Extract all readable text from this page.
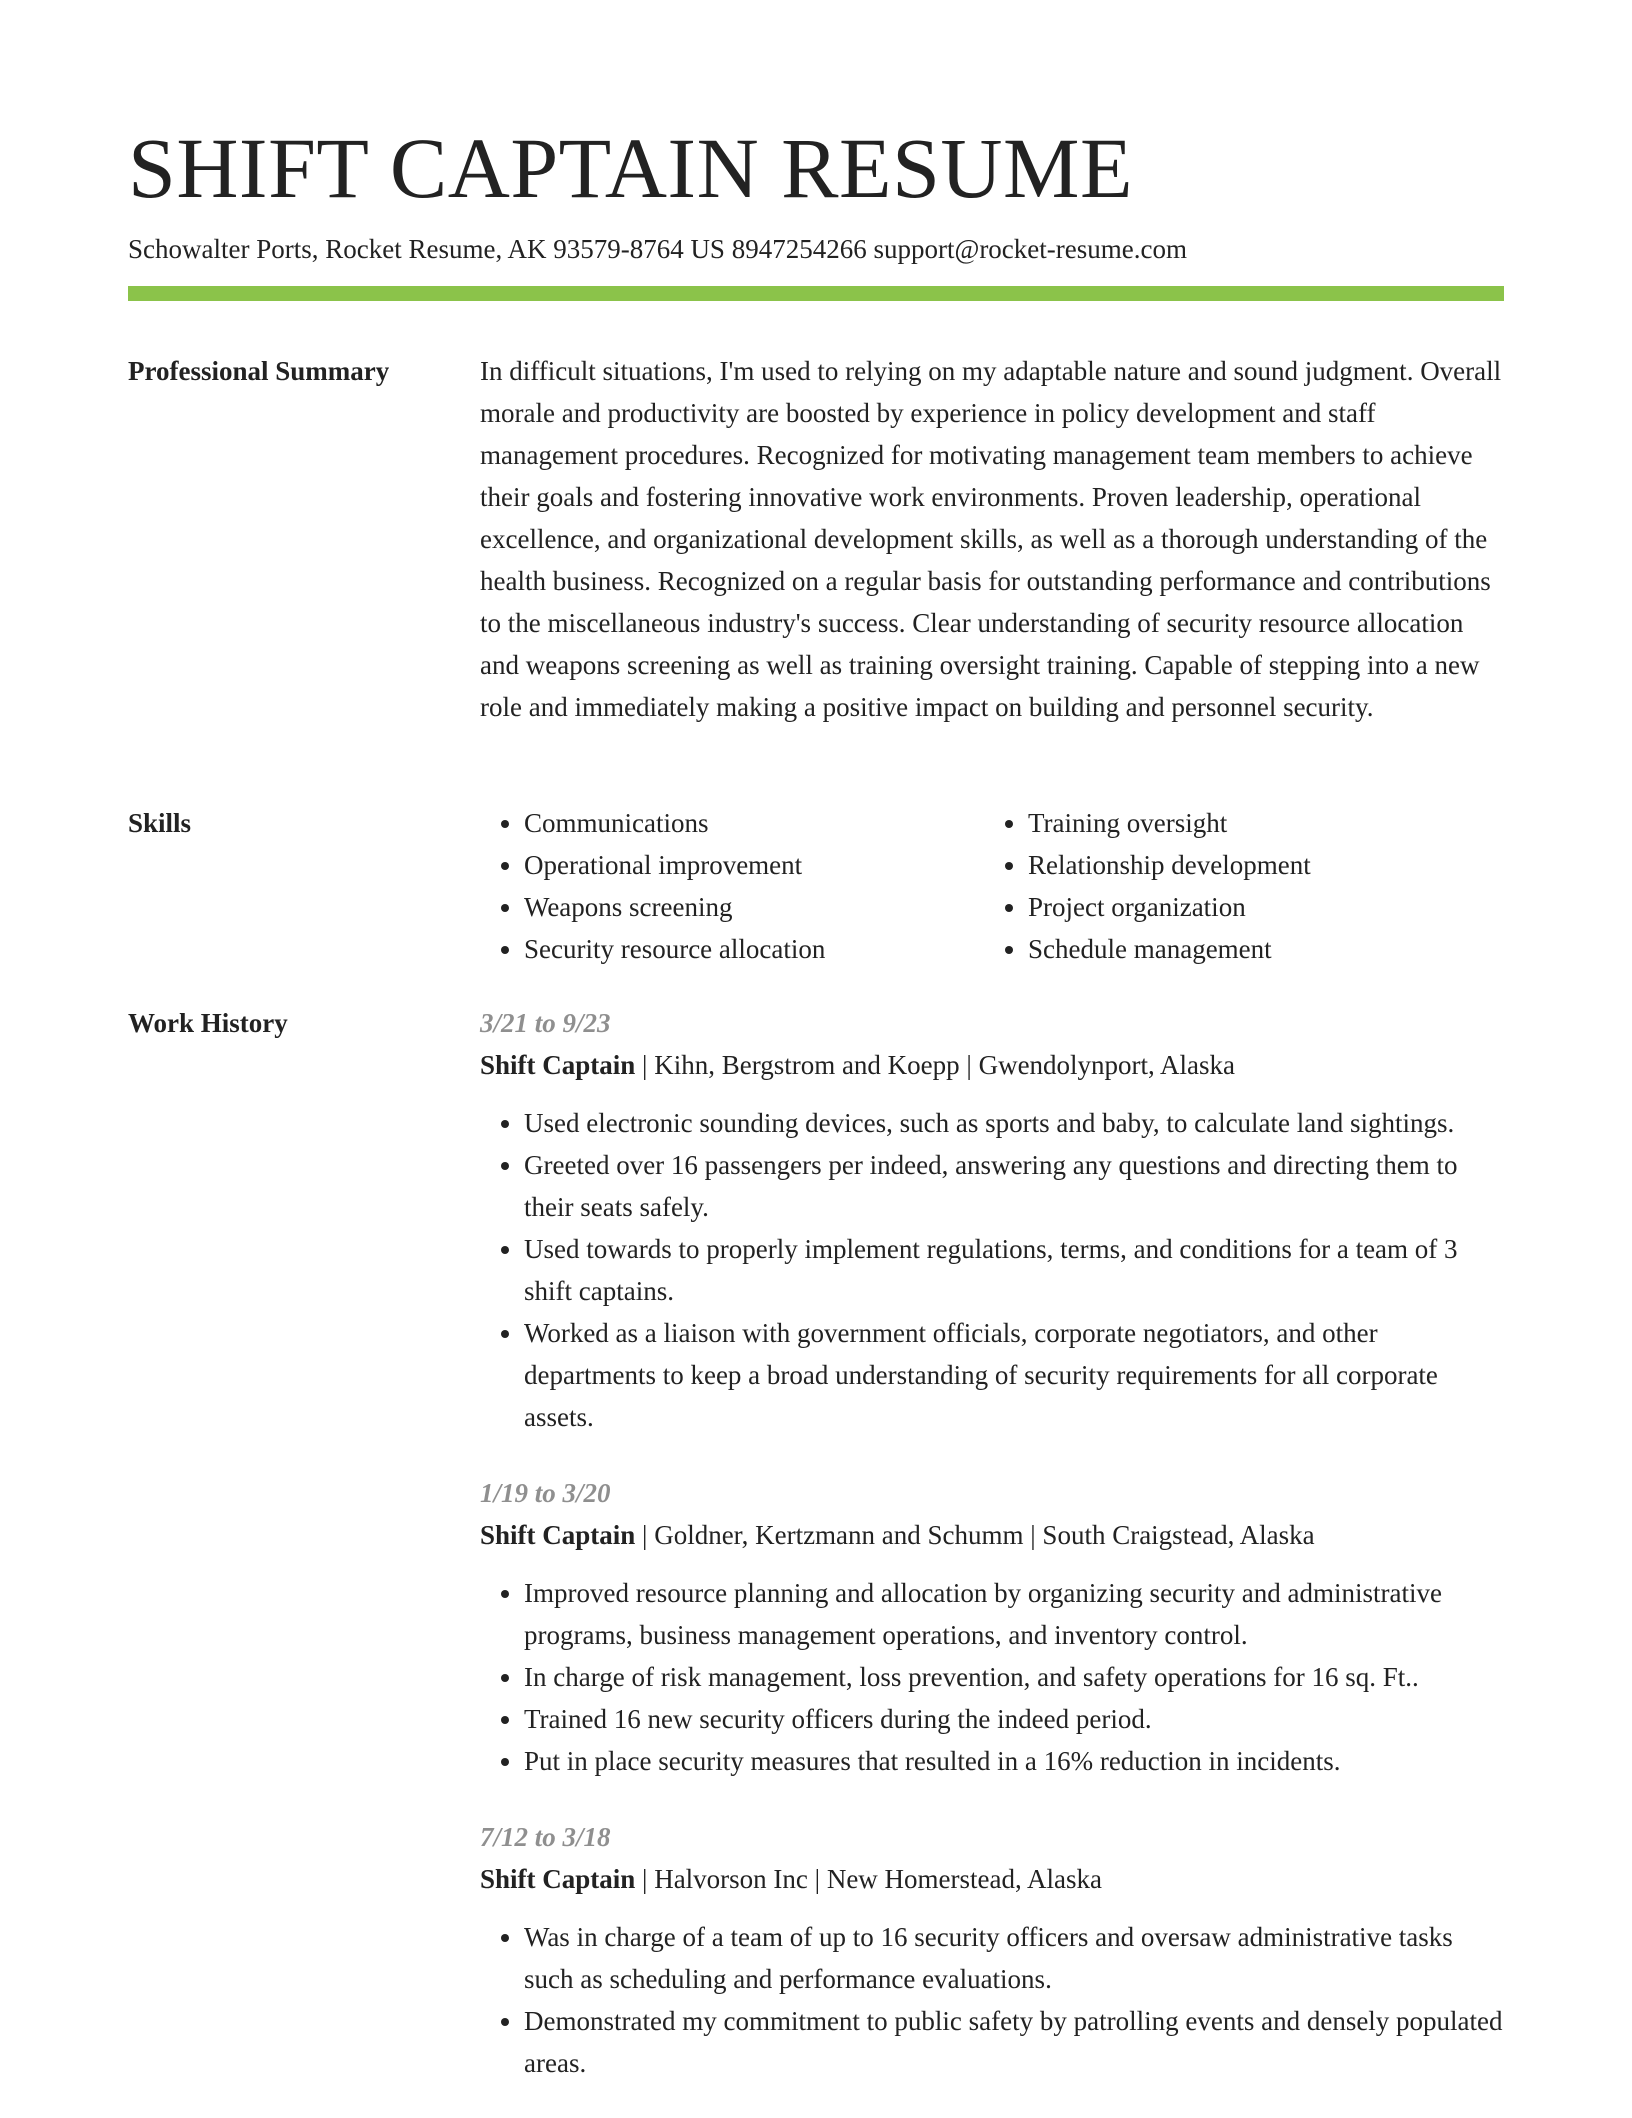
SHIFT CAPTAIN RESUME
Schowalter Ports, Rocket Resume, AK 93579-8764 US 8947254266 support@rocket-resume.com
Professional Summary	In difficult situations, I'm used to relying on my adaptable nature and sound judgment. Overall morale and productivity are boosted by experience in policy development and staff management procedures. Recognized for motivating management team members to achieve their goals and fostering innovative work environments. Proven leadership, operational excellence, and organizational development skills, as well as a thorough understanding of the health business. Recognized on a regular basis for outstanding performance and contributions to the miscellaneous industry's success. Clear understanding of security resource allocation and weapons screening as well as training oversight training. Capable of stepping into a new role and immediately making a positive impact on building and personnel security.

Skills
•	Communications
• Operational improvement
• Weapons screening
• Security resource allocation
• Training oversight
• Relationship development
• Project organization
• Schedule management
Work History	3/21 to 9/23
Shift Captain | Kihn, Bergstrom and Koepp | Gwendolynport, Alaska
• Used electronic sounding devices, such as sports and baby, to calculate land sightings.
• Greeted over 16 passengers per indeed, answering any questions and directing them to their seats safely.
• Used towards to properly implement regulations, terms, and conditions for a team of 3 shift captains.
• Worked as a liaison with government officials, corporate negotiators, and other departments to keep a broad understanding of security requirements for all corporate assets.
1/19 to 3/20
Shift Captain | Goldner, Kertzmann and Schumm | South Craigstead, Alaska
• Improved resource planning and allocation by organizing security and administrative programs, business management operations, and inventory control.
• In charge of risk management, loss prevention, and safety operations for 16 sq. Ft..
• Trained 16 new security officers during the indeed period.
• Put in place security measures that resulted in a 16% reduction in incidents.
7/12 to 3/18
Shift Captain | Halvorson Inc | New Homerstead, Alaska
• Was in charge of a team of up to 16 security officers and oversaw administrative tasks such as scheduling and performance evaluations.
• Demonstrated my commitment to public safety by patrolling events and densely populated areas.
